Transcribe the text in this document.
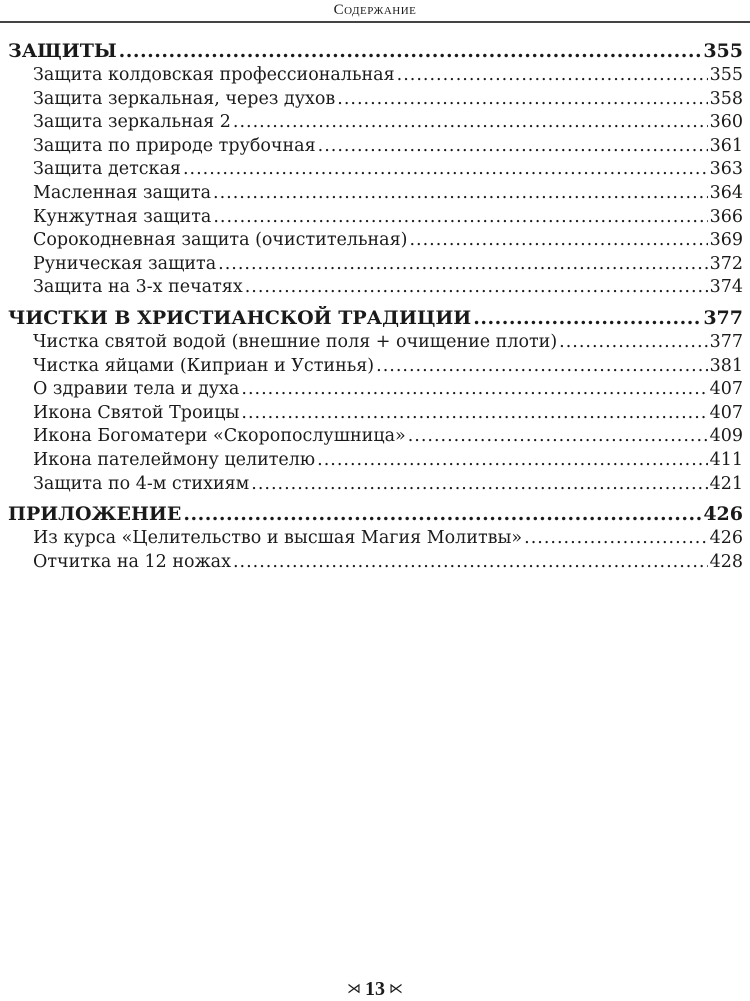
Содержание
ЗАЩИТЫ .....	355
Защита колдовская профессиональная .....	355
Защита зеркальная, через духов .....	358
Защита зеркальная 2 .....	360
Защита по природе трубочная .....	361
Защита детская .....	363
Масленная защита .....	364
Кунжутная защита .....	366
Сорокодневная защита (очистительная) .....	369
Руническая защита .....	372
Защита на 3-х печатях .....	374
ЧИСТКИ В ХРИСТИАНСКОЙ ТРАДИЦИИ .....	377
Чистка святой водой (внешние поля + очищение плоти) .....	377
Чистка яйцами (Киприан и Устинья) .....	381
О здравии тела и духа .....	407
Икона Святой Троицы .....	407
Икона Богоматери «Скоропослушница» .....	409
Икона пателеймону целителю .....	411
Защита по 4-м стихиям .....	421
ПРИЛОЖЕНИЕ .....	426
Из курса «Целительство и высшая Магия Молитвы» .....	426
Отчитка на 12 ножах .....	428
⋊ 13 ⋉
